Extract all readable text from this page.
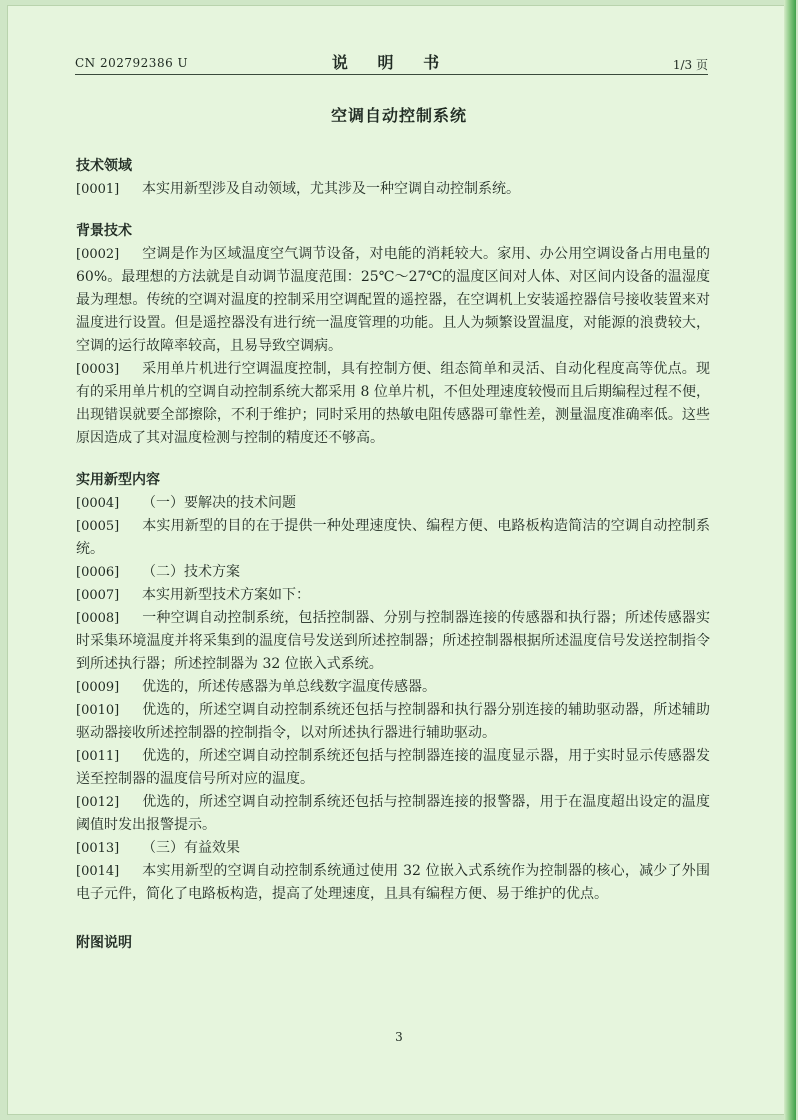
CN 202792386 U	说 明 书	1/3 页
空调自动控制系统
技术领域
[0001] 本实用新型涉及自动领域，尤其涉及一种空调自动控制系统。
背景技术
[0002] 空调是作为区域温度空气调节设备，对电能的消耗较大。家用、办公用空调设备占用电量的 60%。最理想的方法就是自动调节温度范围：25℃～27℃的温度区间对人体、对区间内设备的温湿度最为理想。传统的空调对温度的控制采用空调配置的遥控器，在空调机上安装遥控器信号接收装置来对温度进行设置。但是遥控器没有进行统一温度管理的功能。且人为频繁设置温度，对能源的浪费较大，空调的运行故障率较高，且易导致空调病。
[0003] 采用单片机进行空调温度控制，具有控制方便、组态简单和灵活、自动化程度高等优点。现有的采用单片机的空调自动控制系统大都采用 8 位单片机，不但处理速度较慢而且后期编程过程不便，出现错误就要全部擦除，不利于维护；同时采用的热敏电阻传感器可靠性差，测量温度准确率低。这些原因造成了其对温度检测与控制的精度还不够高。
实用新型内容
[0004] （一）要解决的技术问题
[0005] 本实用新型的目的在于提供一种处理速度快、编程方便、电路板构造简洁的空调自动控制系统。
[0006] （二）技术方案
[0007] 本实用新型技术方案如下：
[0008] 一种空调自动控制系统，包括控制器、分别与控制器连接的传感器和执行器；所述传感器实时采集环境温度并将采集到的温度信号发送到所述控制器；所述控制器根据所述温度信号发送控制指令到所述执行器；所述控制器为 32 位嵌入式系统。
[0009] 优选的，所述传感器为单总线数字温度传感器。
[0010] 优选的，所述空调自动控制系统还包括与控制器和执行器分别连接的辅助驱动器，所述辅助驱动器接收所述控制器的控制指令，以对所述执行器进行辅助驱动。
[0011] 优选的，所述空调自动控制系统还包括与控制器连接的温度显示器，用于实时显示传感器发送至控制器的温度信号所对应的温度。
[0012] 优选的，所述空调自动控制系统还包括与控制器连接的报警器，用于在温度超出设定的温度阈值时发出报警提示。
[0013] （三）有益效果
[0014] 本实用新型的空调自动控制系统通过使用 32 位嵌入式系统作为控制器的核心，减少了外围电子元件，简化了电路板构造，提高了处理速度，且具有编程方便、易于维护的优点。
附图说明
3
